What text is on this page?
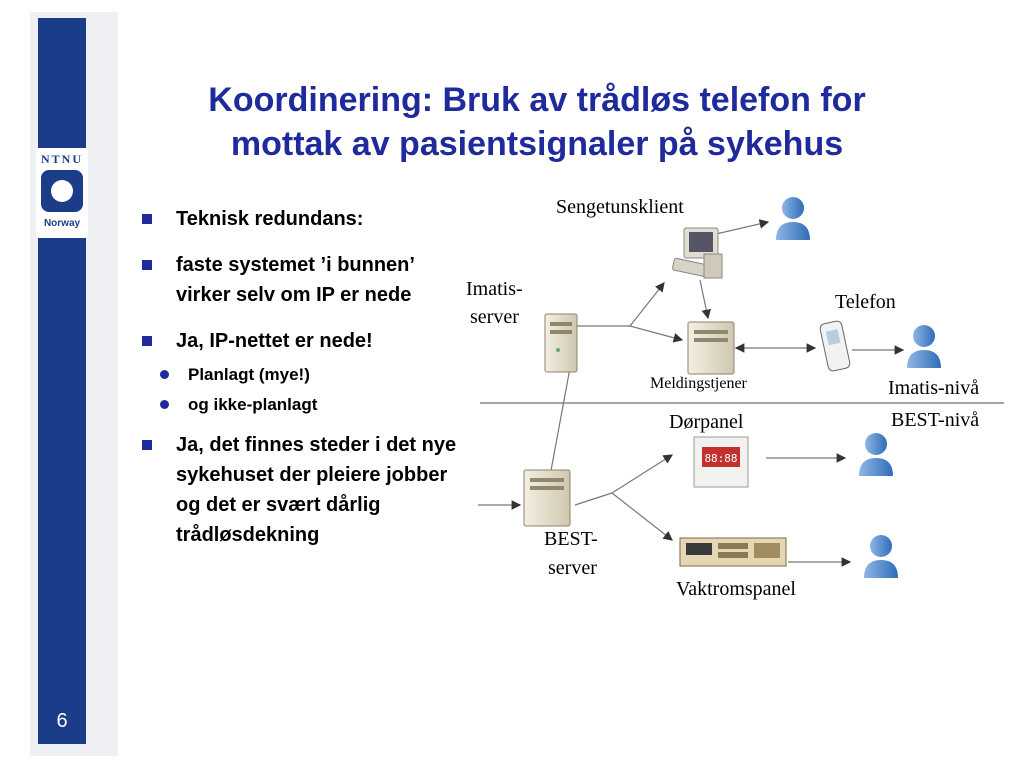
NTNU
Norway
6
Koordinering: Bruk av trådløs telefon for
mottak av pasientsignaler på sykehus
Teknisk redundans:
faste systemet ’i bunnen’ virker selv om IP er nede
Ja, IP-nettet er nede!
Planlagt (mye!)
og ikke-planlagt
Ja, det finnes steder i det nye sykehuset der pleiere jobber og det er svært dårlig trådløsdekning
88:88
Sengetunsklient
Imatis-
server
Telefon
Meldingstjener	Imatis-nivå
BEST-nivå
Dørpanel
BEST-
server
Vaktromspanel
